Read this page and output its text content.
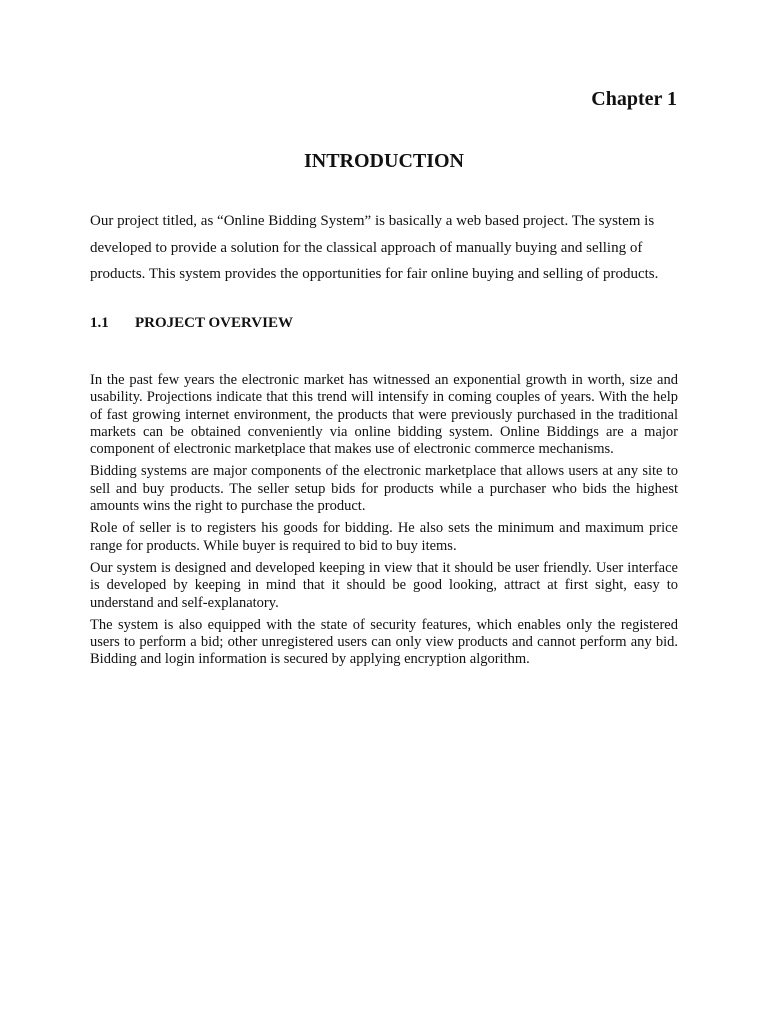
Chapter 1
INTRODUCTION

Our project titled, as “Online Bidding System” is basically a web based project. The system is developed to provide a solution for the classical approach of manually buying and selling of products. This system provides the opportunities for fair online buying and selling of products.

1.1 PROJECT OVERVIEW

In the past few years the electronic market has witnessed an exponential growth in worth, size and usability. Projections indicate that this trend will intensify in coming couples of years. With the help of fast growing internet environment, the products that were previously purchased in the traditional markets can be obtained conveniently via online bidding system. Online Biddings are a major component of electronic marketplace that makes use of electronic commerce mechanisms.

Bidding systems are major components of the electronic marketplace that allows users at any site to sell and buy products. The seller setup bids for products while a purchaser who bids the highest amounts wins the right to purchase the product.

Role of seller is to registers his goods for bidding. He also sets the minimum and maximum price range for products. While buyer is required to bid to buy items.

Our system is designed and developed keeping in view that it should be user friendly. User interface is developed by keeping in mind that it should be good looking, attract at first sight, easy to understand and self-explanatory.

The system is also equipped with the state of security features, which enables only the registered users to perform a bid; other unregistered users can only view products and cannot perform any bid. Bidding and login information is secured by applying encryption algorithm.
